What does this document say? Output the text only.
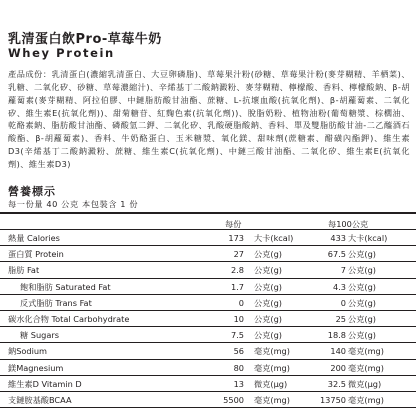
乳清蛋白飲Pro-草莓牛奶
Whey Protein
產品成份：乳清蛋白(濃縮乳清蛋白、大豆卵磷脂)、草莓果汁粉(砂糖、草莓果汁粉(麥芽糊精、羊栖菜)、乳糖、二氧化矽、砂糖、草莓濃縮汁)、辛烯基丁二酸鈉澱粉、麥芽糊精、檸檬酸、香料、檸檬酸鈉、β-胡蘿蔔素(麥芽糊精、阿拉伯膠、中鏈脂肪酸甘油酯、蔗糖、L-抗壞血酸(抗氧化劑)、β-胡蘿蔔素、二氧化矽、維生素E(抗氧化劑))、甜菊糖苷、紅麴色素(抗氧化劑))、脫脂奶粉、植物油粉(葡萄糖漿、棕櫚油、乾酪素鈉、脂肪酸甘油酯、磷酸氫二鉀、二氧化矽、乳酸硬脂酸鈉、香料、單及雙脂肪酸甘油-二乙醯酒石酸酯、β-胡蘿蔔素)、香料、牛奶酪蛋白、玉米糖漿、氧化鎂、甜味劑(蔗糖素、醋磺內酯鉀)、維生素D3(辛烯基丁二酸鈉澱粉、蔗糖、維生素C(抗氧化劑)、中鏈三酸甘油酯、二氧化矽、維生素E(抗氧化劑)、維生素D3)
營養標示
每一份量 40 公克 本包裝含 1 份
每份	每100公克
熱量 Calories	173 大卡(kcal)	433 大卡(kcal)
蛋白質 Protein	27 公克(g)	67.5 公克(g)
脂肪 Fat	2.8 公克(g)	7 公克(g)
飽和脂肪 Saturated Fat	1.7 公克(g)	4.3 公克(g)
反式脂肪 Trans Fat	0 公克(g)	0 公克(g)
碳水化合物 Total Carbohydrate	10 公克(g)	25 公克(g)
糖 Sugars	7.5 公克(g)	18.8 公克(g)
鈉Sodium	56 毫克(mg)	140 毫克(mg)
鎂Magnesium	80 毫克(mg)	200 毫克(mg)
維生素D Vitamin D	13 微克(μg)	32.5 微克(μg)
支鏈胺基酸BCAA	5500 毫克(mg)	13750 毫克(mg)
